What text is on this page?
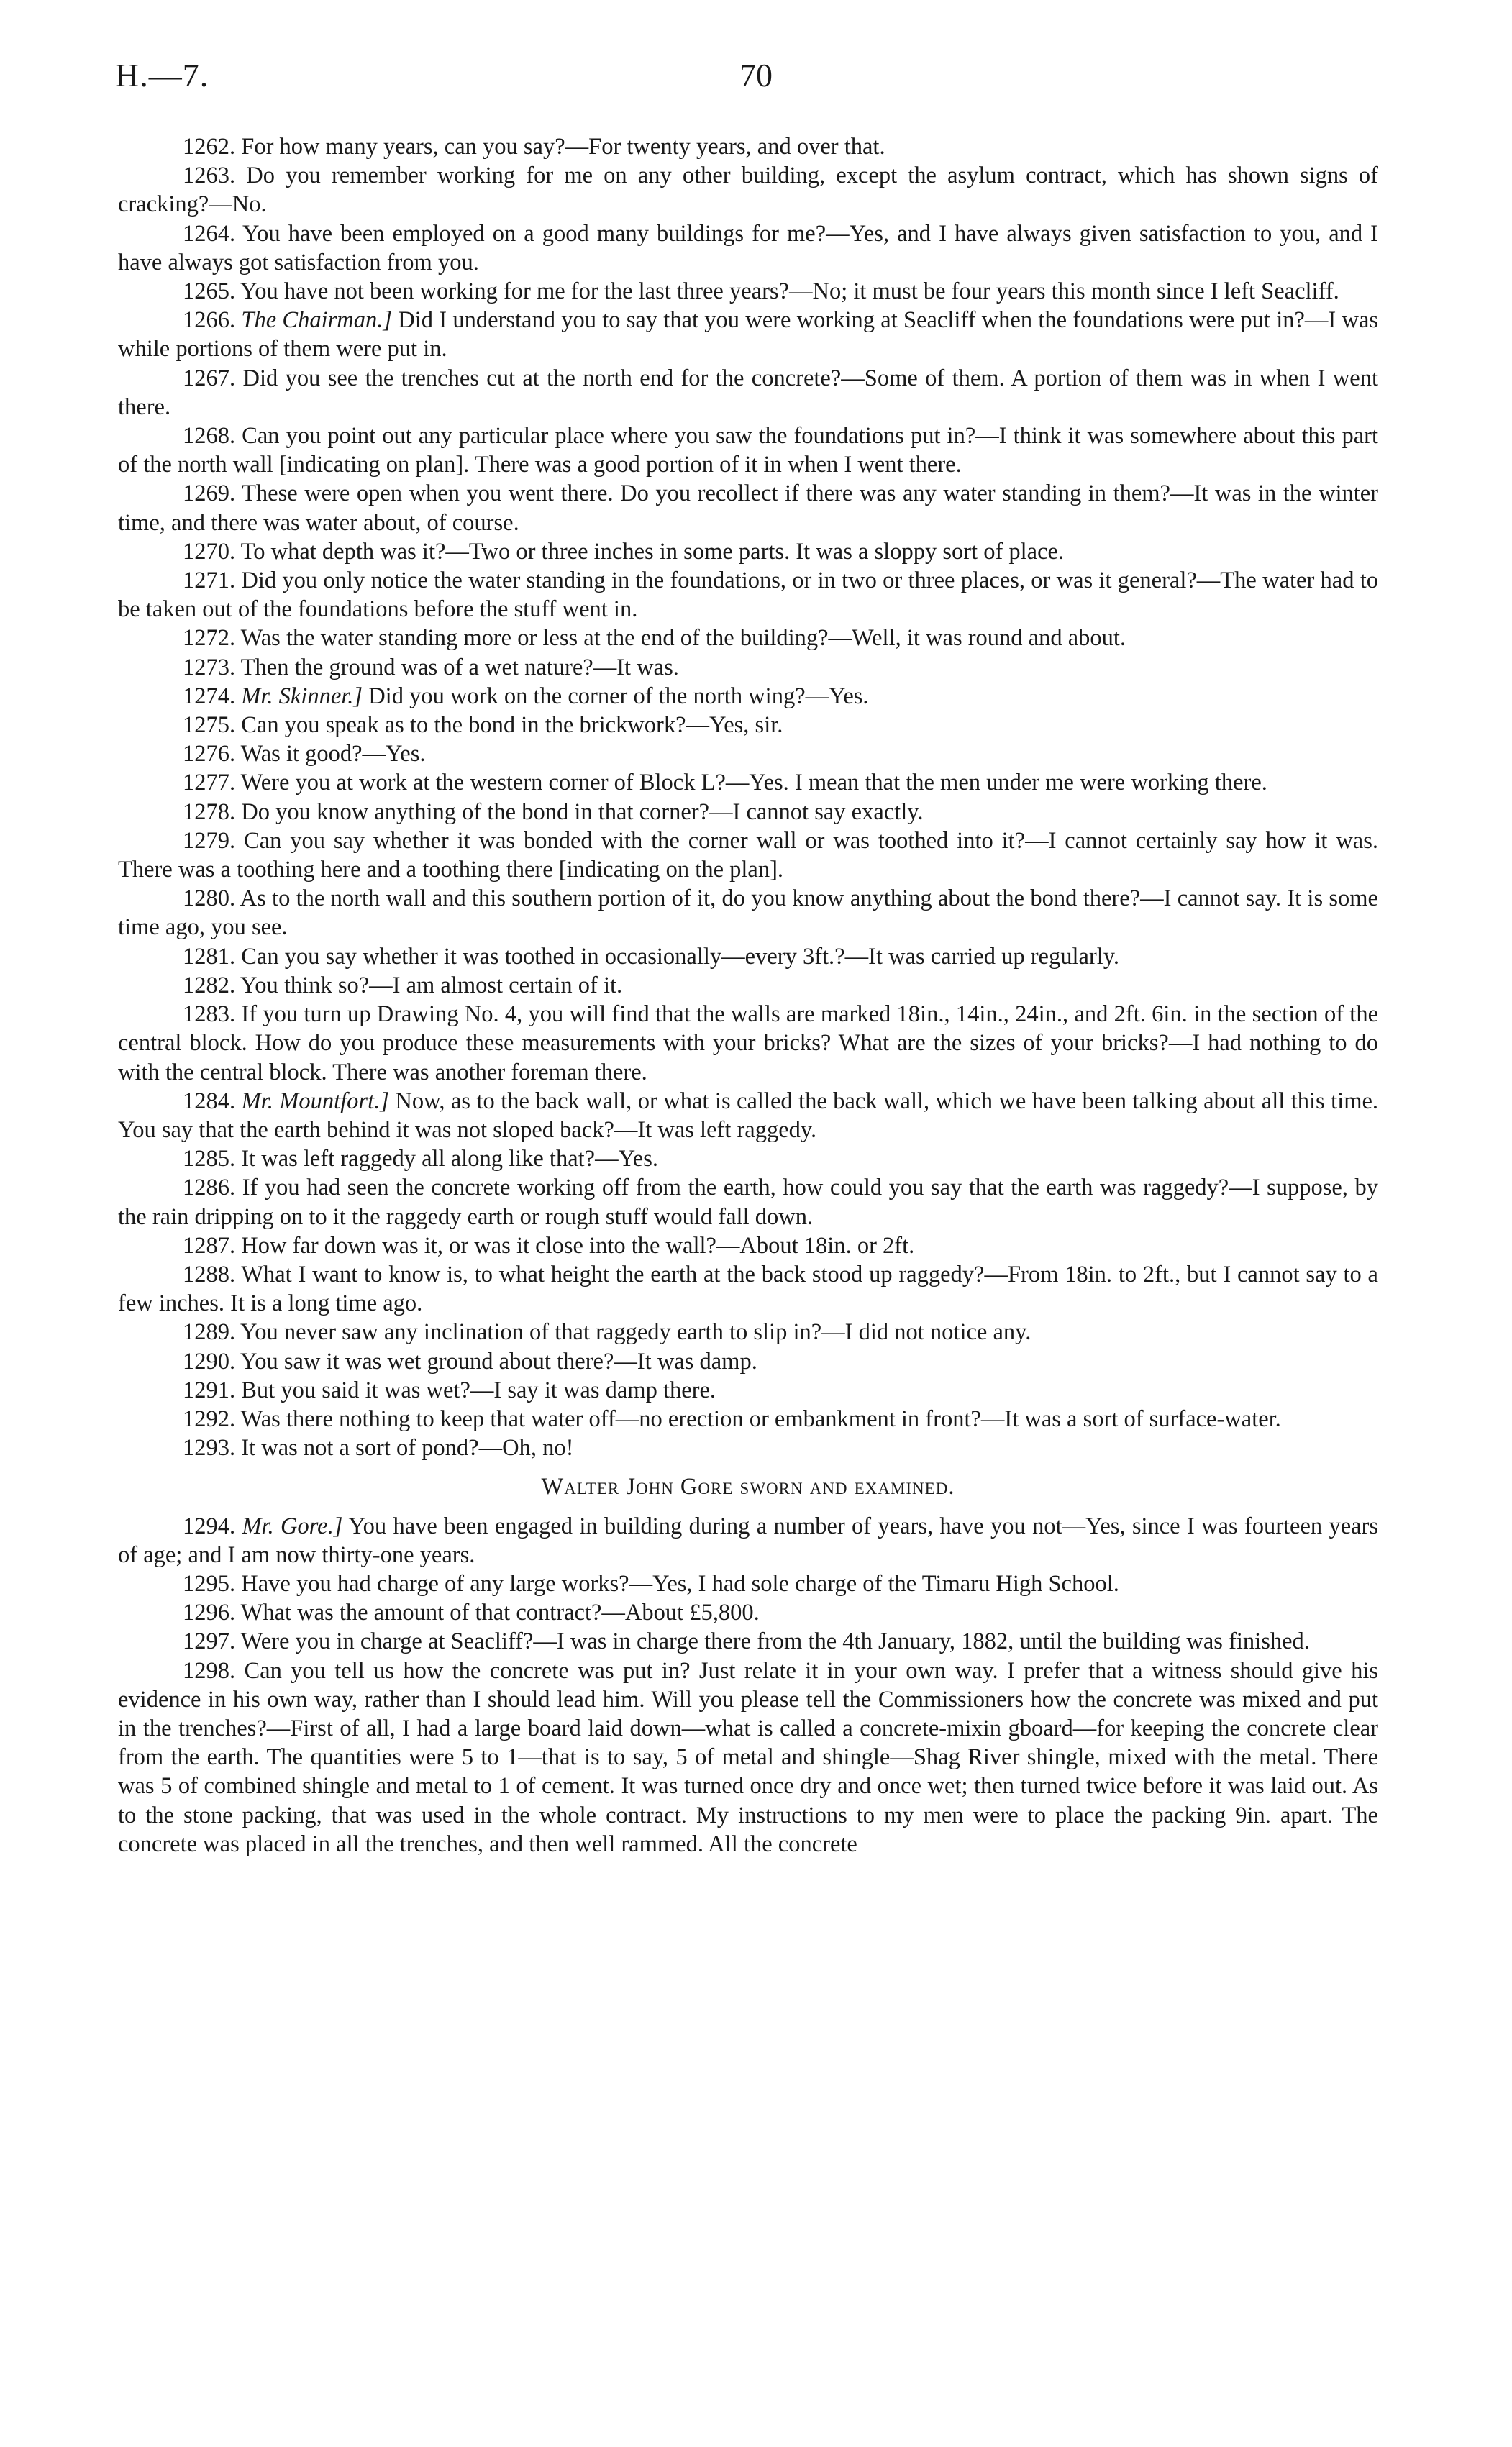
H.—7.	70

1262. For how many years, can you say?—For twenty years, and over that.

1263. Do you remember working for me on any other building, except the asylum contract, which has shown signs of cracking?—No.

1264. You have been employed on a good many buildings for me?—Yes, and I have always given satisfaction to you, and I have always got satisfaction from you.

1265. You have not been working for me for the last three years?—No; it must be four years this month since I left Seacliff.

1266. The Chairman.] Did I understand you to say that you were working at Seacliff when the foundations were put in?—I was while portions of them were put in.

1267. Did you see the trenches cut at the north end for the concrete?—Some of them. A portion of them was in when I went there.

1268. Can you point out any particular place where you saw the foundations put in?—I think it was somewhere about this part of the north wall [indicating on plan]. There was a good portion of it in when I went there.

1269. These were open when you went there. Do you recollect if there was any water standing in them?—It was in the winter time, and there was water about, of course.

1270. To what depth was it?—Two or three inches in some parts. It was a sloppy sort of place.

1271. Did you only notice the water standing in the foundations, or in two or three places, or was it general?—The water had to be taken out of the foundations before the stuff went in.

1272. Was the water standing more or less at the end of the building?—Well, it was round and about.

1273. Then the ground was of a wet nature?—It was.

1274. Mr. Skinner.] Did you work on the corner of the north wing?—Yes.

1275. Can you speak as to the bond in the brickwork?—Yes, sir.

1276. Was it good?—Yes.

1277. Were you at work at the western corner of Block L?—Yes. I mean that the men under me were working there.

1278. Do you know anything of the bond in that corner?—I cannot say exactly.

1279. Can you say whether it was bonded with the corner wall or was toothed into it?—I cannot certainly say how it was. There was a toothing here and a toothing there [indicating on the plan].

1280. As to the north wall and this southern portion of it, do you know anything about the bond there?—I cannot say. It is some time ago, you see.

1281. Can you say whether it was toothed in occasionally—every 3ft.?—It was carried up regularly.

1282. You think so?—I am almost certain of it.

1283. If you turn up Drawing No. 4, you will find that the walls are marked 18in., 14in., 24in., and 2ft. 6in. in the section of the central block. How do you produce these measurements with your bricks? What are the sizes of your bricks?—I had nothing to do with the central block. There was another foreman there.

1284. Mr. Mountfort.] Now, as to the back wall, or what is called the back wall, which we have been talking about all this time. You say that the earth behind it was not sloped back?—It was left raggedy.

1285. It was left raggedy all along like that?—Yes.

1286. If you had seen the concrete working off from the earth, how could you say that the earth was raggedy?—I suppose, by the rain dripping on to it the raggedy earth or rough stuff would fall down.

1287. How far down was it, or was it close into the wall?—About 18in. or 2ft.

1288. What I want to know is, to what height the earth at the back stood up raggedy?—From 18in. to 2ft., but I cannot say to a few inches. It is a long time ago.

1289. You never saw any inclination of that raggedy earth to slip in?—I did not notice any.

1290. You saw it was wet ground about there?—It was damp.

1291. But you said it was wet?—I say it was damp there.

1292. Was there nothing to keep that water off—no erection or embankment in front?—It was a sort of surface-water.

1293. It was not a sort of pond?—Oh, no!

Walter John Gore sworn and examined.

1294. Mr. Gore.] You have been engaged in building during a number of years, have you not—Yes, since I was fourteen years of age; and I am now thirty-one years.

1295. Have you had charge of any large works?—Yes, I had sole charge of the Timaru High School.

1296. What was the amount of that contract?—About £5,800.

1297. Were you in charge at Seacliff?—I was in charge there from the 4th January, 1882, until the building was finished.

1298. Can you tell us how the concrete was put in? Just relate it in your own way. I prefer that a witness should give his evidence in his own way, rather than I should lead him. Will you please tell the Commissioners how the concrete was mixed and put in the trenches?—First of all, I had a large board laid down—what is called a concrete-mixin gboard—for keeping the concrete clear from the earth. The quantities were 5 to 1—that is to say, 5 of metal and shingle—Shag River shingle, mixed with the metal. There was 5 of combined shingle and metal to 1 of cement. It was turned once dry and once wet; then turned twice before it was laid out. As to the stone packing, that was used in the whole contract. My instructions to my men were to place the packing 9in. apart. The concrete was placed in all the trenches, and then well rammed. All the concrete
